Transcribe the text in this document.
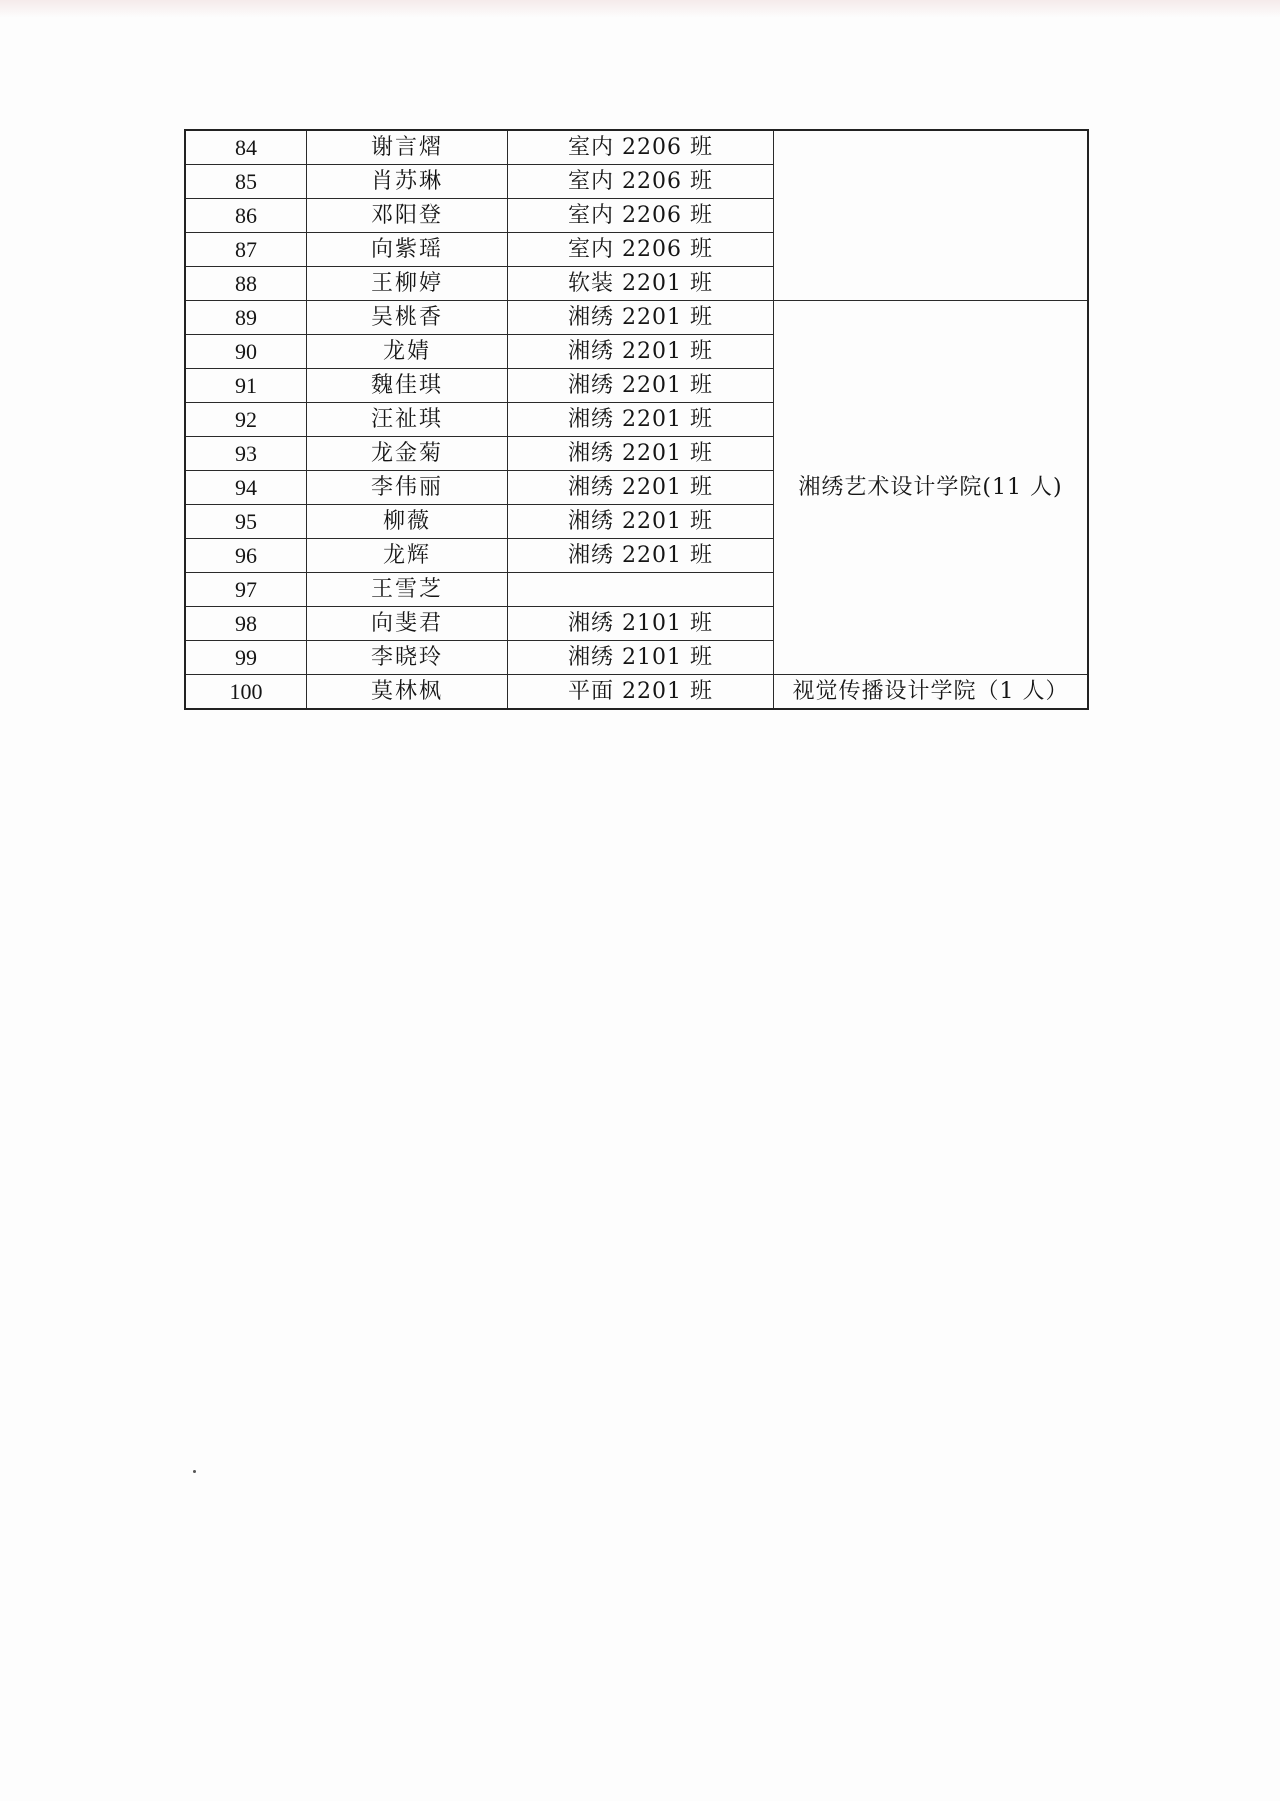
84	谢言熠	室内 2206 班	
85	肖苏琳	室内 2206 班	
86	邓阳登	室内 2206 班	
87	向紫瑶	室内 2206 班	
88	王柳婷	软装 2201 班	
89	吴桃香	湘绣 2201 班	湘绣艺术设计学院(11 人)
90	龙婧	湘绣 2201 班	
91	魏佳琪	湘绣 2201 班	
92	汪祉琪	湘绣 2201 班	
93	龙金菊	湘绣 2201 班	
94	李伟丽	湘绣 2201 班	
95	柳薇	湘绣 2201 班	
96	龙辉	湘绣 2201 班	
97	王雪芝		
98	向斐君	湘绣 2101 班	
99	李晓玲	湘绣 2101 班	
100	莫林枫	平面 2201 班	视觉传播设计学院（1 人）
